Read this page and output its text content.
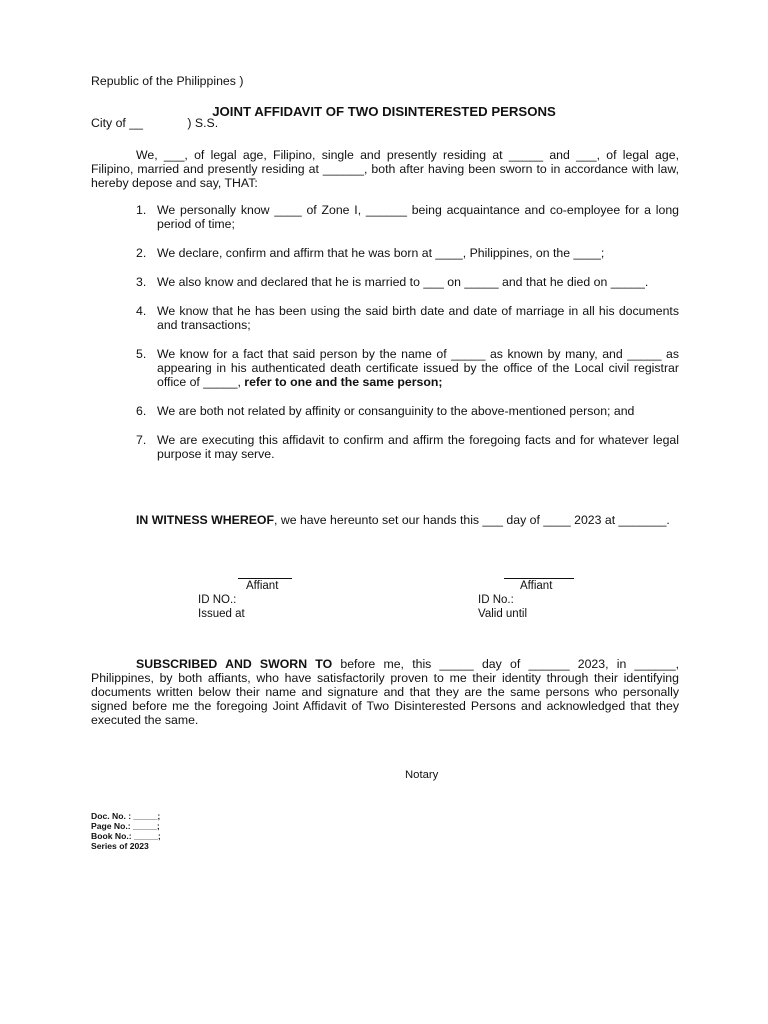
Republic of the Philippines )

City of __             ) S.S.

JOINT AFFIDAVIT OF TWO DISINTERESTED PERSONS
We, ___, of legal age, Filipino, single and presently residing at _____ and ___, of legal age, Filipino, married and presently residing at ______, both after having been sworn to in accordance with law, hereby depose and say, THAT:
1. We personally know ____ of Zone I, ______ being acquaintance and co-employee for a long period of time;
2. We declare, confirm and affirm that he was born at ____, Philippines, on the ____;
3. We also know and declared that he is married to ___ on _____ and that he died on _____.
4. We know that he has been using the said birth date and date of marriage in all his documents and transactions;
5. We know for a fact that said person by the name of _____ as known by many, and _____ as appearing in his authenticated death certificate issued by the office of the Local civil registrar office of _____, refer to one and the same person;
6. We are both not related by affinity or consanguinity to the above-mentioned person; and
7. We are executing this affidavit to confirm and affirm the foregoing facts and for whatever legal purpose it may serve.
IN WITNESS WHEREOF, we have hereunto set our hands this ___ day of ____ 2023 at _______.
Affiant
ID NO.:
Issued at
Affiant
ID No.:
Valid until
SUBSCRIBED AND SWORN TO before me, this _____ day of ______ 2023, in ______, Philippines, by both affiants, who have satisfactorily proven to me their identity through their identifying documents written below their name and signature and that they are the same persons who personally signed before me the foregoing Joint Affidavit of Two Disinterested Persons and acknowledged that they executed the same.
Notary
Doc. No. : _____;
Page No.: _____;
Book No.: _____;
Series of 2023
